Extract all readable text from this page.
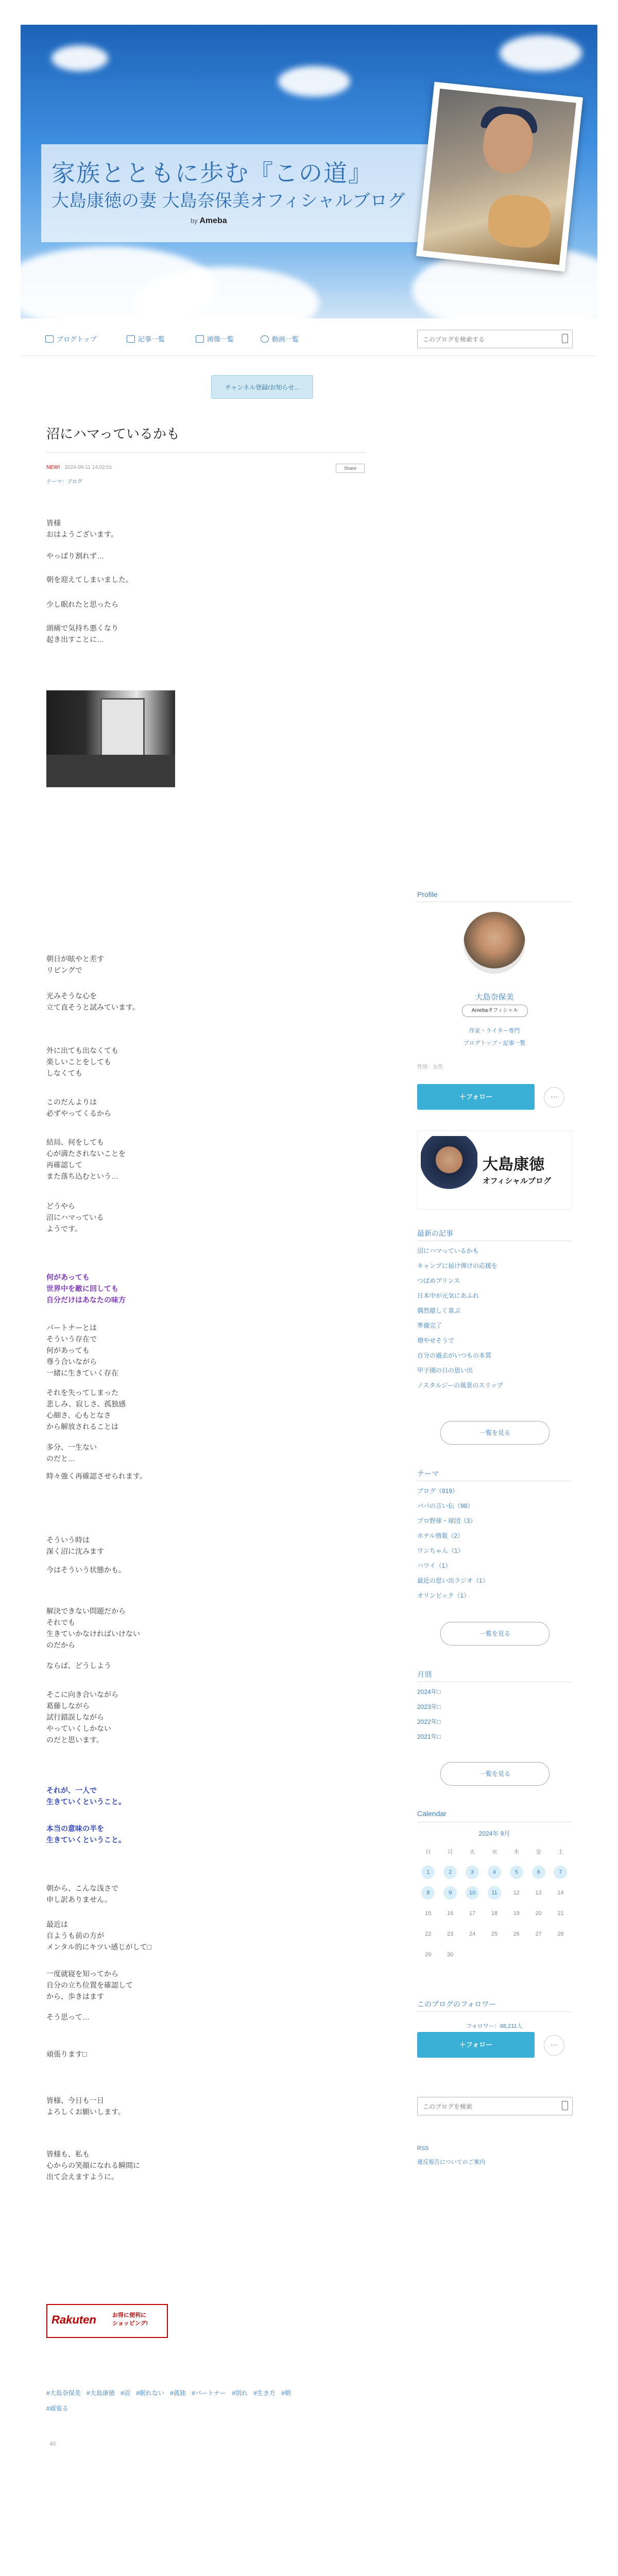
家族とともに歩む『この道』
大島康徳の妻 大島奈保美オフィシャルブログ
by Ameba
ブログトップ	記事一覧	画像一覧	動画一覧
このブログを検索する
チャンネル登録/お知らせ...
沼にハマっているかも
NEW! 2024-09-11 14:02:01	Share
テーマ：ブログ
皆様
おはようございます。
やっぱり割れず…
朝を迎えてしまいました。
少し眠れたと思ったら
頭痛で気持ち悪くなり
起き出すことに…
朝日が眩やと差す
リビングで
光みそうな心を
立て直そうと試みています。
外に出ても出なくても
楽しいことをしても
しなくても
このだんよりは
必ずやってくるから
結局、何をしても
心が満たされないことを
再確認して
また落ち込むという…
どうやら
沼にハマっている
ようです。
何があっても
世界中を敵に回しても
自分だけはあなたの味方
パートナーとは
そういう存在で
何があっても
尊う合いながら
一緒に生きていく存在
それを失ってしまった
悲しみ、寂しさ、孤独感
心細さ、心もとなさ
から解放されることは
多分、一生ない
のだと…
時々強く再確認させられます。
そういう時は
深く沼に沈みます
今はそういう状態かも。
解決できない問題だから
それでも
生きていかなければいけない
のだから
ならば、どうしよう
そこに向き合いながら
葛藤しながら
試行錯誤しながら
やっていくしかない
のだと思います。
それが、一人で
生きていくということ。
本当の意味の半を
生きていくということ。
朝から、こんな浅さで
申し訳ありません。
最近は
自ようも前の方が
メンタル的にキツい感じがして□
一度就寝を知ってから
自分の立ち位置を確認して
から、歩きはます
そう思って…
頑張ります□
皆様、今日も一日
よろしくお願いします。
皆様も、私も
心からの笑顔になれる瞬間に
出て会えますように。
Rakuten	お得に便利に
ショッピング!
#大島奈保美 #大島康徳 #沼 #眠れない #孤独 #パートナー #別れ #生き方 #朝
#頑張る
40
Profile
大島奈保美
Amebaオフィシャル
作家・ライター専門
ブログトップ・記事一覧
性別：女性
＋フォロー	···
大島康徳
オフィシャルブログ
最新の記事
沼にハマっているかも
キャンプに届け弾けの応援を
つばめプリンス
日本中が元気にあふれ
偶然嬉しく喜ぶ
準備完了
増やせそうで
自分の過去がいつもの本質
甲子園の日の思い出
ノスタルジーの風景のスリップ
一覧を見る
テーマ
ブログ（819）
パパの言い伝（98）
プロ野球・球団（3）
ホテル情報（2）
ワンちゃん（1）
ハワイ（1）
最近の思い出ラジオ（1）
オリンピック（1）
一覧を見る
月別
2024年□
2023年□
2022年□
2021年□
一覧を見る
Calendar
2024年 9月
日	月	火	水	木	金	土
1	2	3	4	5	6	7
8	9	10	11	12	13	14
15	16	17	18	19	20	21
22	23	24	25	26	27	28
29	30
このブログのフォロワー
フォロワー：88,211人
＋フォロー	···
このブログを検索
RSS
違反報告についてのご案内
